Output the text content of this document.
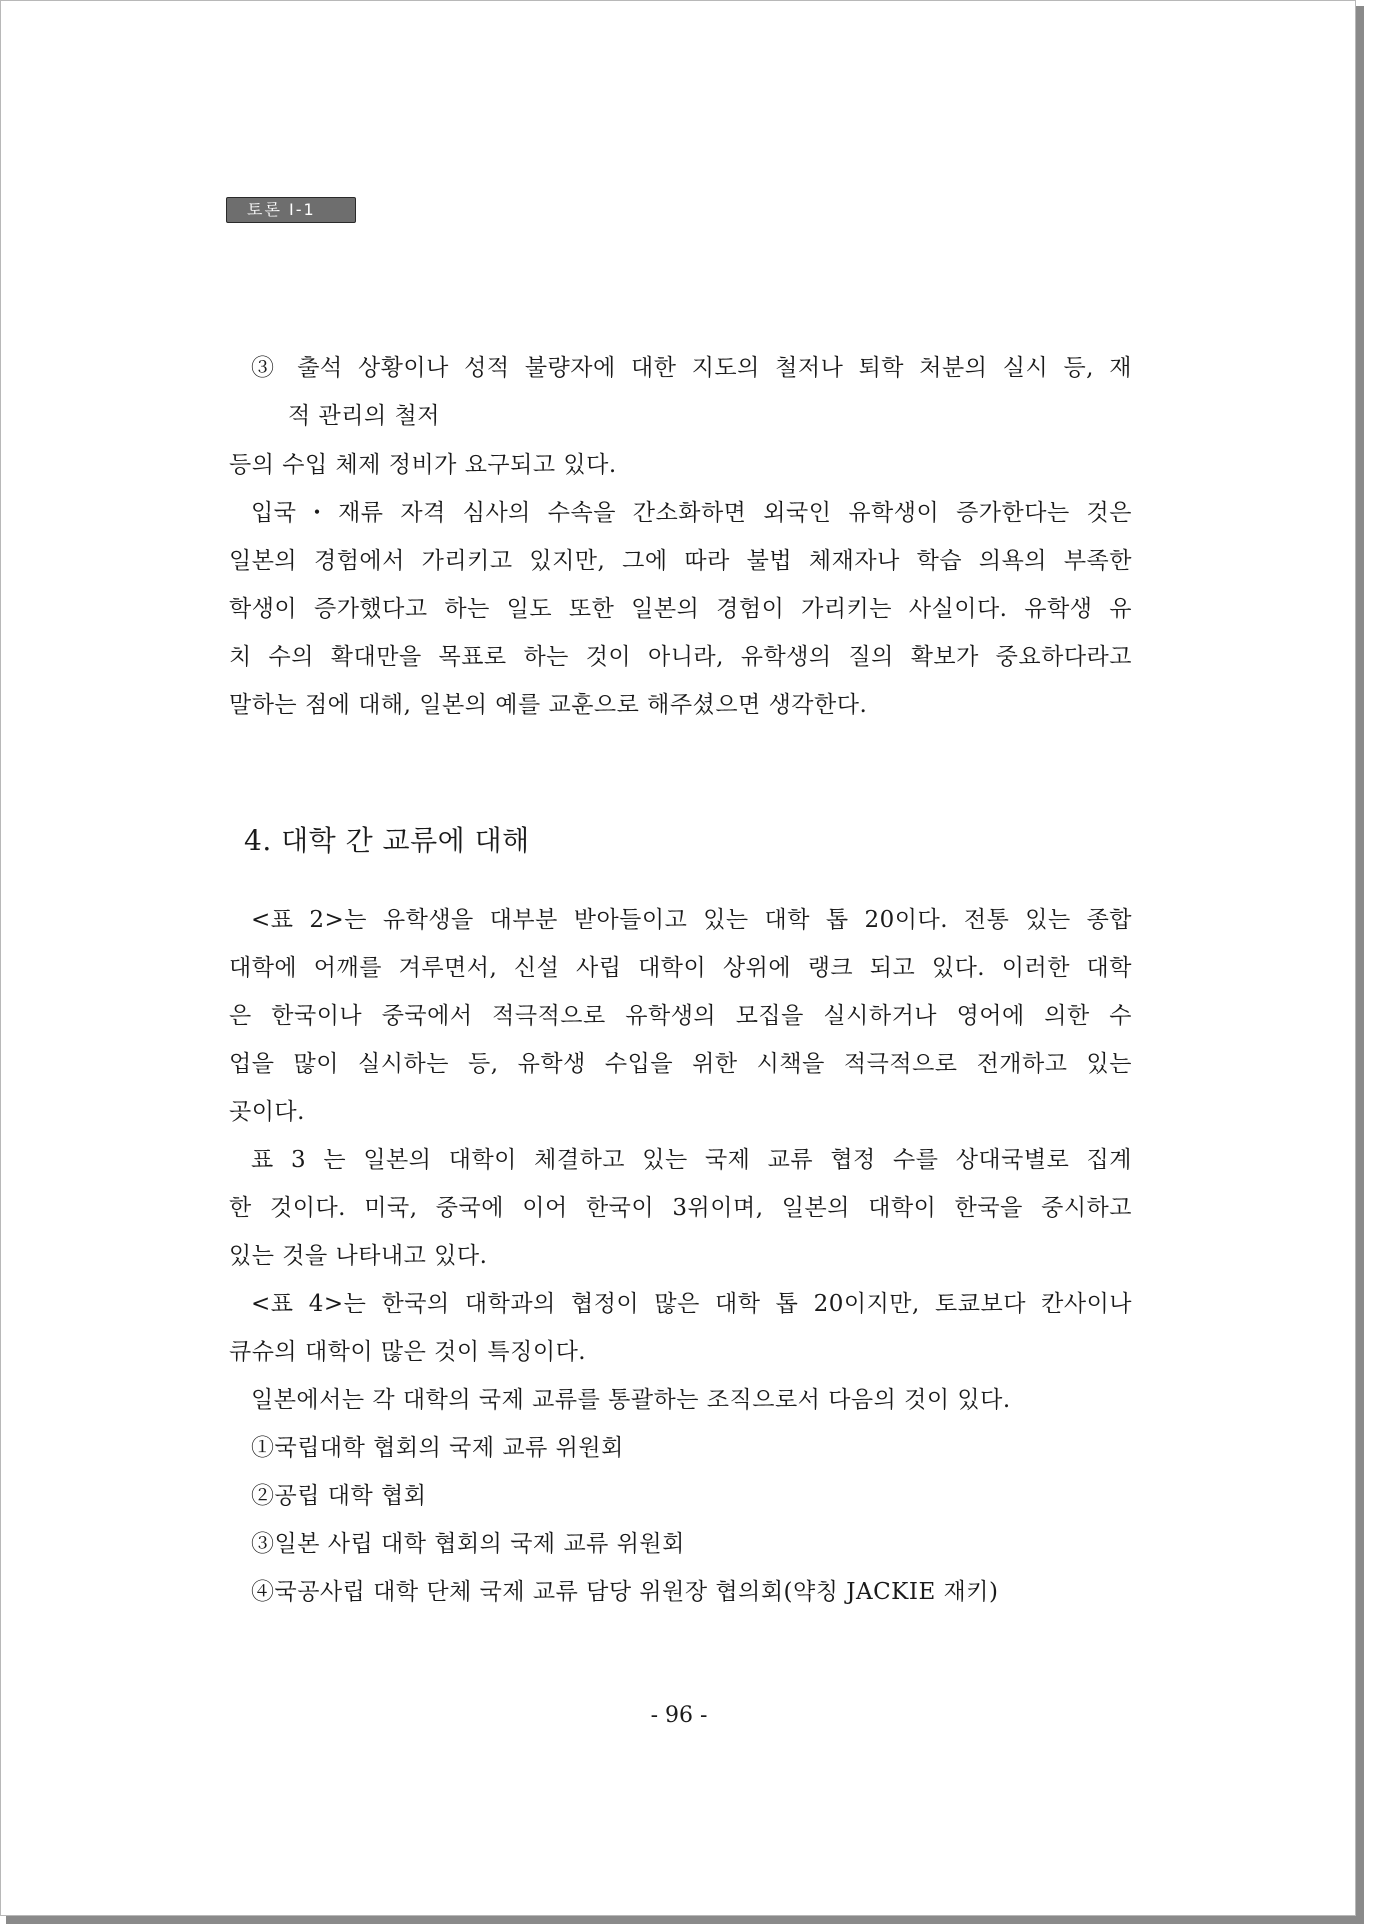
토론 Ⅰ-1
③ 출석 상황이나 성적 불량자에 대한 지도의 철저나 퇴학 처분의 실시 등, 재
적 관리의 철저
등의 수입 체제 정비가 요구되고 있다.
입국・재류 자격 심사의 수속을 간소화하면 외국인 유학생이 증가한다는 것은
일본의 경험에서 가리키고 있지만, 그에 따라 불법 체재자나 학습 의욕의 부족한
학생이 증가했다고 하는 일도 또한 일본의 경험이 가리키는 사실이다. 유학생 유
치 수의 확대만을 목표로 하는 것이 아니라, 유학생의 질의 확보가 중요하다라고
말하는 점에 대해, 일본의 예를 교훈으로 해주셨으면 생각한다.
4. 대학 간 교류에 대해
<표 2>는 유학생을 대부분 받아들이고 있는 대학 톱 20이다. 전통 있는 종합
대학에 어깨를 겨루면서, 신설 사립 대학이 상위에 랭크 되고 있다. 이러한 대학
은 한국이나 중국에서 적극적으로 유학생의 모집을 실시하거나 영어에 의한 수
업을 많이 실시하는 등, 유학생 수입을 위한 시책을 적극적으로 전개하고 있는
곳이다.
표 3 는 일본의 대학이 체결하고 있는 국제 교류 협정 수를 상대국별로 집계
한 것이다. 미국, 중국에 이어 한국이 3위이며, 일본의 대학이 한국을 중시하고
있는 것을 나타내고 있다.
<표 4>는 한국의 대학과의 협정이 많은 대학 톱 20이지만, 토쿄보다 칸사이나
큐슈의 대학이 많은 것이 특징이다.
일본에서는 각 대학의 국제 교류를 통괄하는 조직으로서 다음의 것이 있다.
①국립대학 협회의 국제 교류 위원회
②공립 대학 협회
③일본 사립 대학 협회의 국제 교류 위원회
④국공사립 대학 단체 국제 교류 담당 위원장 협의회(약칭 JACKIE 재키)
- 96 -
